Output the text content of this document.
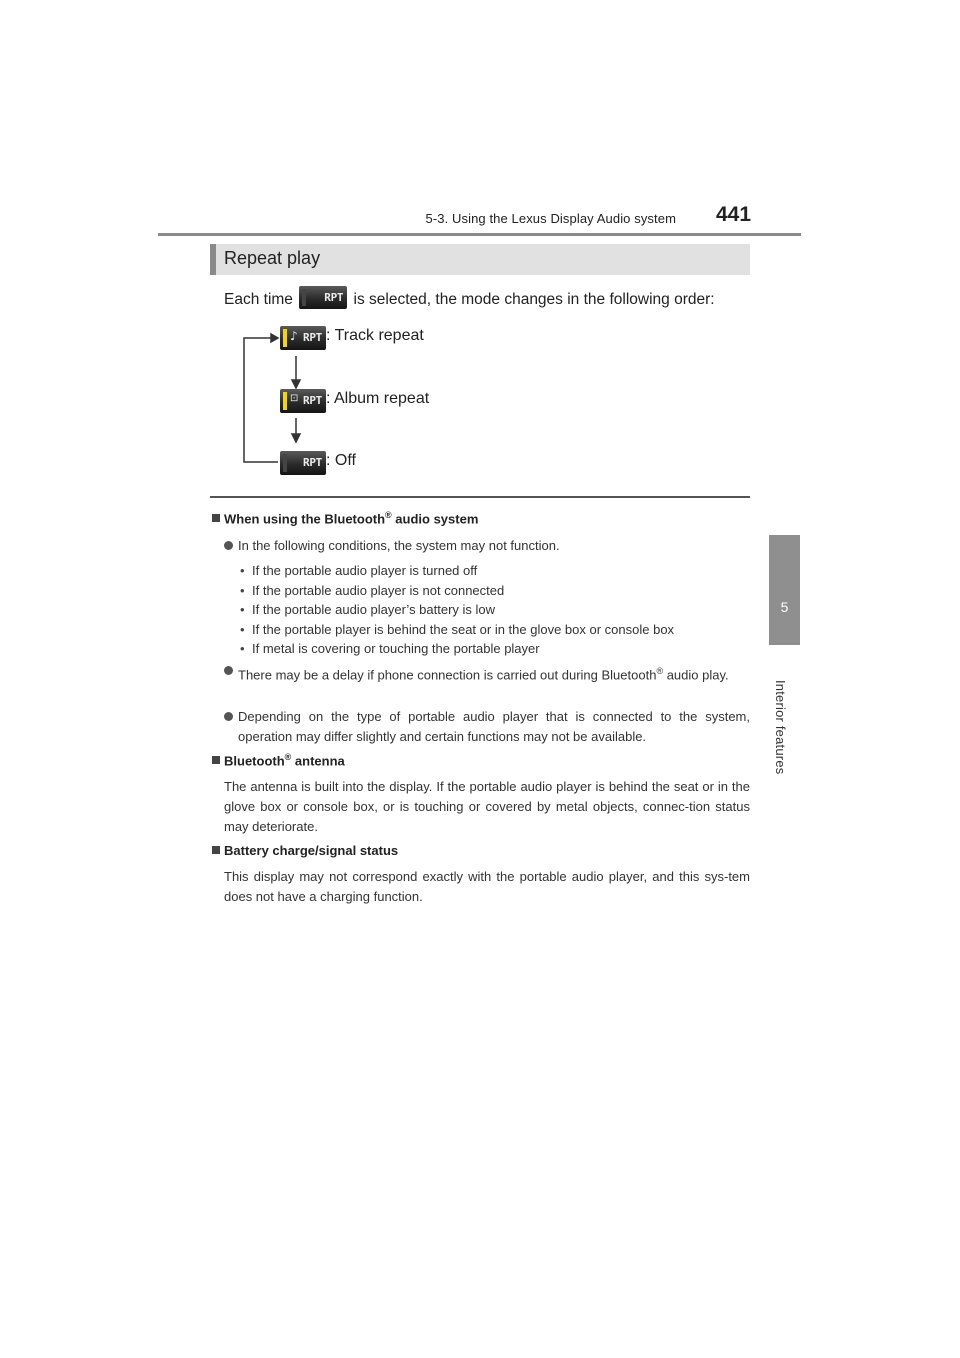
5-3. Using the Lexus Display Audio system 441
5
Interior features
Repeat play
Each time	RPT is selected, the mode changes in the following order:
♪ RPT : Track repeat
⊡ RPT : Album repeat
RPT : Off
When using the Bluetooth® audio system
In the following conditions, the system may not function.
• If the portable audio player is turned off
• If the portable audio player is not connected
• If the portable audio player’s battery is low
• If the portable player is behind the seat or in the glove box or console box
• If metal is covering or touching the portable player
There may be a delay if phone connection is carried out during Bluetooth® audio play.
Depending on the type of portable audio player that is connected to the system, operation may differ slightly and certain functions may not be available.
Bluetooth® antenna
The antenna is built into the display. If the portable audio player is behind the seat or in the glove box or console box, or is touching or covered by metal objects, connec-tion status may deteriorate.
Battery charge/signal status
This display may not correspond exactly with the portable audio player, and this sys-tem does not have a charging function.
